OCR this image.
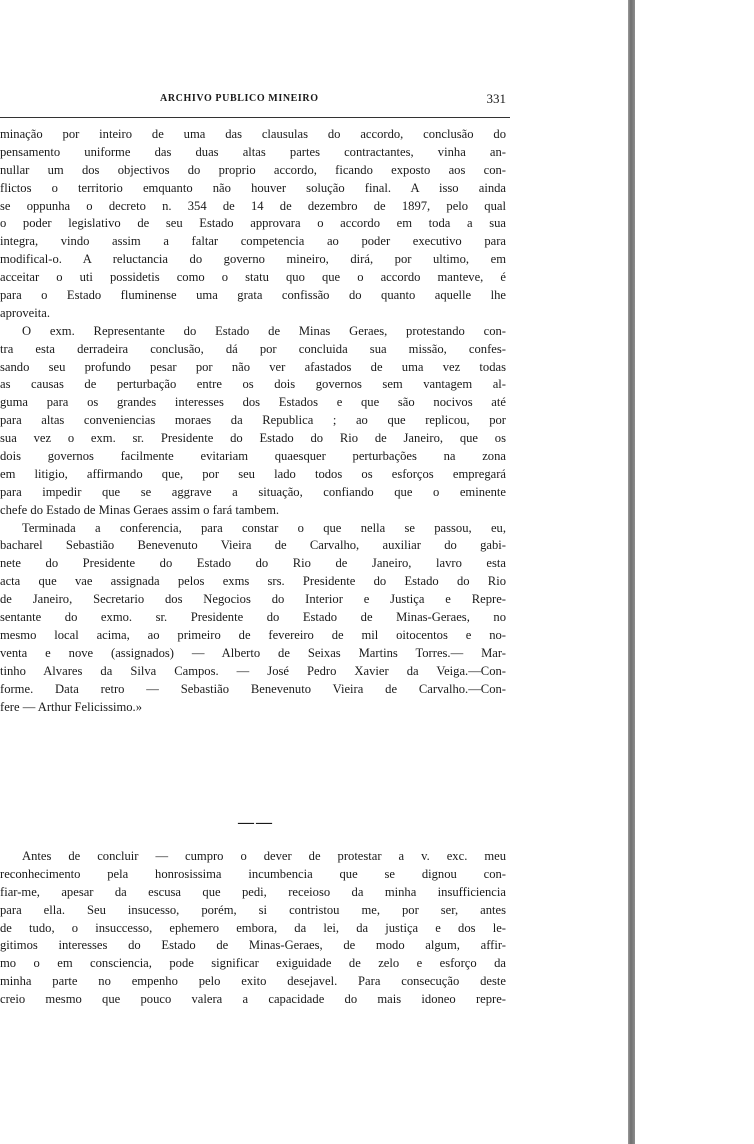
ARCHIVO PUBLICO MINEIRO	331
minação por inteiro de uma das clausulas do accordo, conclusão do
pensamento uniforme das duas altas partes contractantes, vinha an-
nullar um dos objectivos do proprio accordo, ficando exposto aos con-
flictos o territorio emquanto não houver solução final. A isso ainda
se oppunha o decreto n. 354 de 14 de dezembro de 1897, pelo qual
o poder legislativo de seu Estado approvara o accordo em toda a sua
integra, vindo assim a faltar competencia ao poder executivo para
modifical-o. A reluctancia do governo mineiro, dirá, por ultimo, em
acceitar o uti possidetis como o statu quo que o accordo manteve, é
para o Estado fluminense uma grata confissão do quanto aquelle lhe
aproveita.
O exm. Representante do Estado de Minas Geraes, protestando con-
tra esta derradeira conclusão, dá por concluida sua missão, confes-
sando seu profundo pesar por não ver afastados de uma vez todas
as causas de perturbação entre os dois governos sem vantagem al-
guma para os grandes interesses dos Estados e que são nocivos até
para altas conveniencias moraes da Republica ; ao que replicou, por
sua vez o exm. sr. Presidente do Estado do Rio de Janeiro, que os
dois governos facilmente evitariam quaesquer perturbações na zona
em litigio, affirmando que, por seu lado todos os esforços empregará
para impedir que se aggrave a situação, confiando que o eminente
chefe do Estado de Minas Geraes assim o fará tambem.
Terminada a conferencia, para constar o que nella se passou, eu,
bacharel Sebastião Benevenuto Vieira de Carvalho, auxiliar do gabi-
nete do Presidente do Estado do Rio de Janeiro, lavro esta
acta que vae assignada pelos exms srs. Presidente do Estado do Rio
de Janeiro, Secretario dos Negocios do Interior e Justiça e Repre-
sentante do exmo. sr. Presidente do Estado de Minas-Geraes, no
mesmo local acima, ao primeiro de fevereiro de mil oitocentos e no-
venta e nove (assignados) — Alberto de Seixas Martins Torres.— Mar-
tinho Alvares da Silva Campos. — José Pedro Xavier da Veiga.—Con-
forme. Data retro — Sebastião Benevenuto Vieira de Carvalho.—Con-
fere — Arthur Felicissimo.»
——
Antes de concluir — cumpro o dever de protestar a v. exc. meu
reconhecimento pela honrosissima incumbencia que se dignou con-
fiar-me, apesar da escusa que pedi, receioso da minha insufficiencia
para ella. Seu insucesso, porém, si contristou me, por ser, antes
de tudo, o insuccesso, ephemero embora, da lei, da justiça e dos le-
gitimos interesses do Estado de Minas-Geraes, de modo algum, affir-
mo o em consciencia, pode significar exiguidade de zelo e esforço da
minha parte no empenho pelo exito desejavel. Para consecução deste
creio mesmo que pouco valera a capacidade do mais idoneo repre-
